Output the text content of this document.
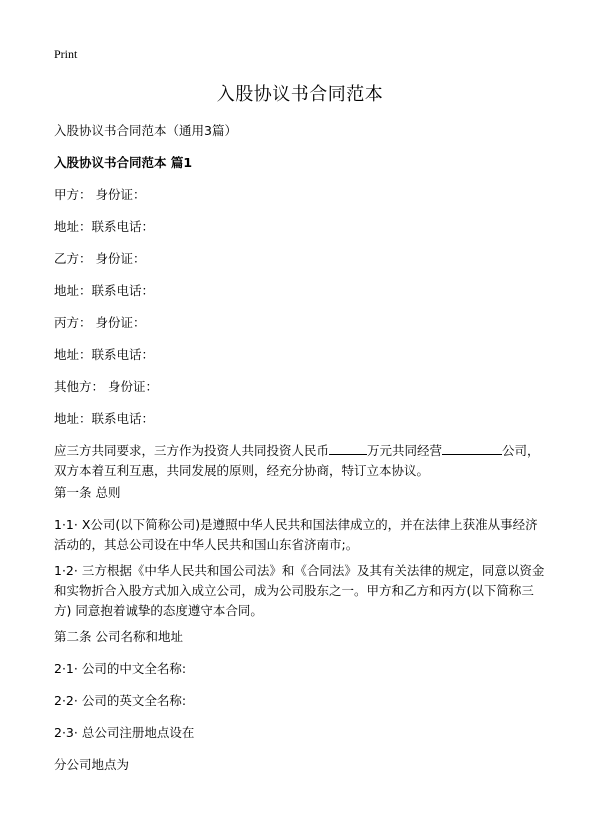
Print
入股协议书合同范本
入股协议书合同范本（通用3篇）
入股协议书合同范本 篇1
甲方： 身份证：
地址：联系电话：
乙方： 身份证：
地址：联系电话：
丙方： 身份证：
地址：联系电话：
其他方： 身份证：
地址：联系电话：
应三方共同要求，三方作为投资人共同投资人民币	万元共同经营	公司，双方本着互利互惠，共同发展的原则，经充分协商，特订立本协议。
第一条 总则
1·1· X公司(以下简称公司)是遵照中华人民共和国法律成立的，并在法律上获准从事经济活动的，其总公司设在中华人民共和国山东省济南市;。
1·2· 三方根据《中华人民共和国公司法》和《合同法》及其有关法律的规定，同意以资金和实物折合入股方式加入成立公司，成为公司股东之一。甲方和乙方和丙方(以下简称三方) 同意抱着诚挚的态度遵守本合同。
第二条 公司名称和地址
2·1· 公司的中文全名称:
2·2· 公司的英文全名称:
2·3· 总公司注册地点设在
分公司地点为
